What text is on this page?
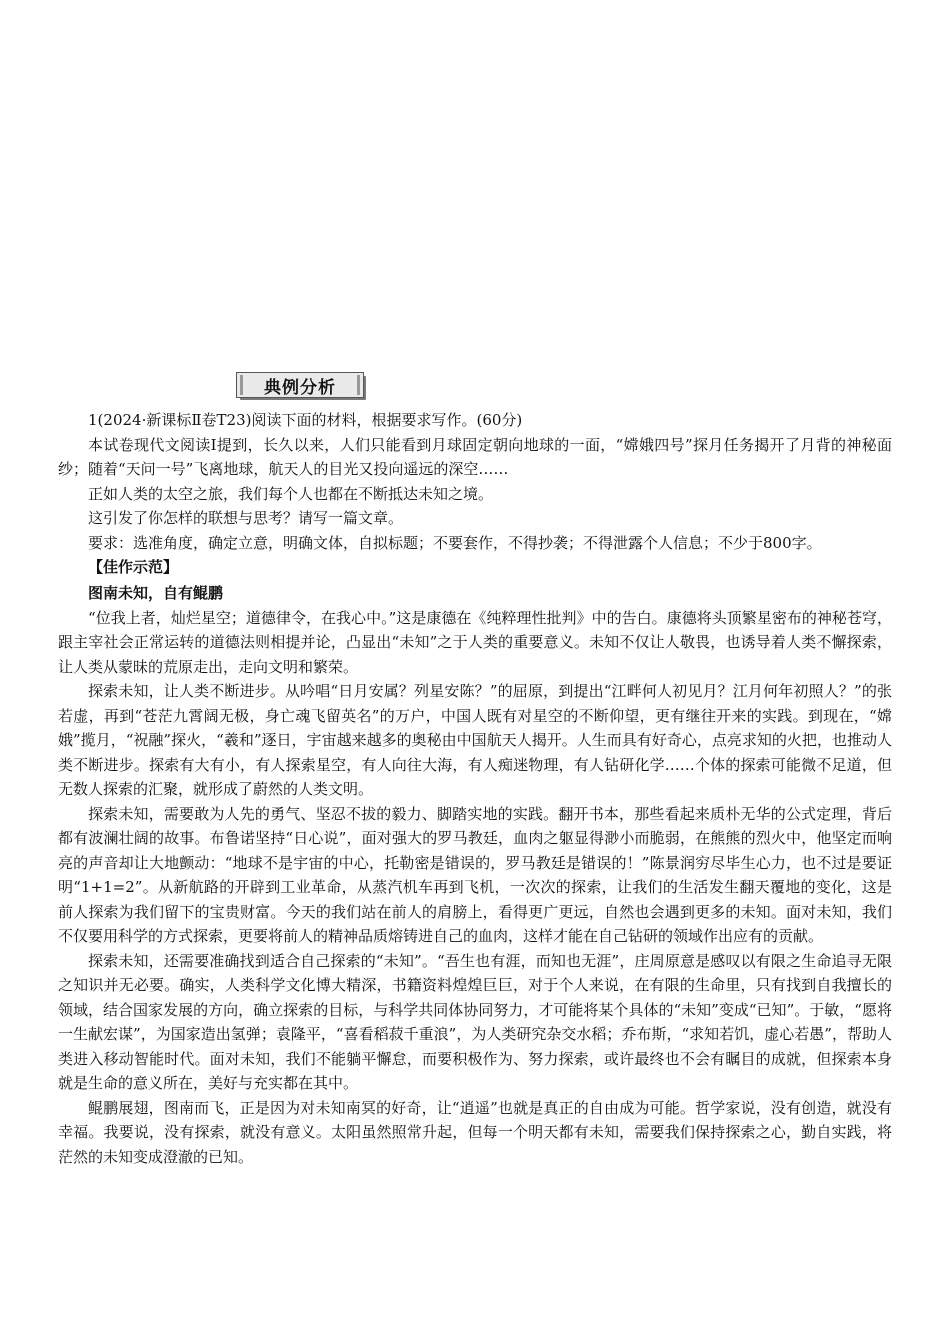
典例分析

1(2024·新课标Ⅱ卷T23)阅读下面的材料，根据要求写作。(60分)

本试卷现代文阅读Ⅰ提到，长久以来，人们只能看到月球固定朝向地球的一面，“嫦娥四号”探月任务揭开了月背的神秘面纱；随着“天问一号”飞离地球，航天人的目光又投向遥远的深空……

正如人类的太空之旅，我们每个人也都在不断抵达未知之境。

这引发了你怎样的联想与思考？请写一篇文章。

要求：选准角度，确定立意，明确文体，自拟标题；不要套作，不得抄袭；不得泄露个人信息；不少于800字。

【佳作示范】

图南未知，自有鲲鹏

“位我上者，灿烂星空；道德律令，在我心中。”这是康德在《纯粹理性批判》中的告白。康德将头顶繁星密布的神秘苍穹，跟主宰社会正常运转的道德法则相提并论，凸显出“未知”之于人类的重要意义。未知不仅让人敬畏，也诱导着人类不懈探索，让人类从蒙昧的荒原走出，走向文明和繁荣。

探索未知，让人类不断进步。从吟唱“日月安属？列星安陈？”的屈原，到提出“江畔何人初见月？江月何年初照人？”的张若虚，再到“苍茫九霄阔无极，身亡魂飞留英名”的万户，中国人既有对星空的不断仰望，更有继往开来的实践。到现在，“嫦娥”揽月，“祝融”探火，“羲和”逐日，宇宙越来越多的奥秘由中国航天人揭开。人生而具有好奇心，点亮求知的火把，也推动人类不断进步。探索有大有小，有人探索星空，有人向往大海，有人痴迷物理，有人钻研化学……个体的探索可能微不足道，但无数人探索的汇聚，就形成了蔚然的人类文明。

探索未知，需要敢为人先的勇气、坚忍不拔的毅力、脚踏实地的实践。翻开书本，那些看起来质朴无华的公式定理，背后都有波澜壮阔的故事。布鲁诺坚持“日心说”，面对强大的罗马教廷，血肉之躯显得渺小而脆弱，在熊熊的烈火中，他坚定而响亮的声音却让大地颤动：“地球不是宇宙的中心，托勒密是错误的，罗马教廷是错误的！”陈景润穷尽毕生心力，也不过是要证明“1+1=2”。从新航路的开辟到工业革命，从蒸汽机车再到飞机，一次次的探索，让我们的生活发生翻天覆地的变化，这是前人探索为我们留下的宝贵财富。今天的我们站在前人的肩膀上，看得更广更远，自然也会遇到更多的未知。面对未知，我们不仅要用科学的方式探索，更要将前人的精神品质熔铸进自己的血肉，这样才能在自己钻研的领域作出应有的贡献。

探索未知，还需要准确找到适合自己探索的“未知”。“吾生也有涯，而知也无涯”，庄周原意是感叹以有限之生命追寻无限之知识并无必要。确实，人类科学文化博大精深，书籍资料煌煌巨巨，对于个人来说，在有限的生命里，只有找到自我擅长的领域，结合国家发展的方向，确立探索的目标，与科学共同体协同努力，才可能将某个具体的“未知”变成“已知”。于敏，“愿将一生献宏谋”，为国家造出氢弹；袁隆平，“喜看稻菽千重浪”，为人类研究杂交水稻；乔布斯，“求知若饥，虚心若愚”，帮助人类进入移动智能时代。面对未知，我们不能躺平懈怠，而要积极作为、努力探索，或许最终也不会有瞩目的成就，但探索本身就是生命的意义所在，美好与充实都在其中。

鲲鹏展翅，图南而飞，正是因为对未知南冥的好奇，让“逍遥”也就是真正的自由成为可能。哲学家说，没有创造，就没有幸福。我要说，没有探索，就没有意义。太阳虽然照常升起，但每一个明天都有未知，需要我们保持探索之心，勤自实践，将茫然的未知变成澄澈的已知。
